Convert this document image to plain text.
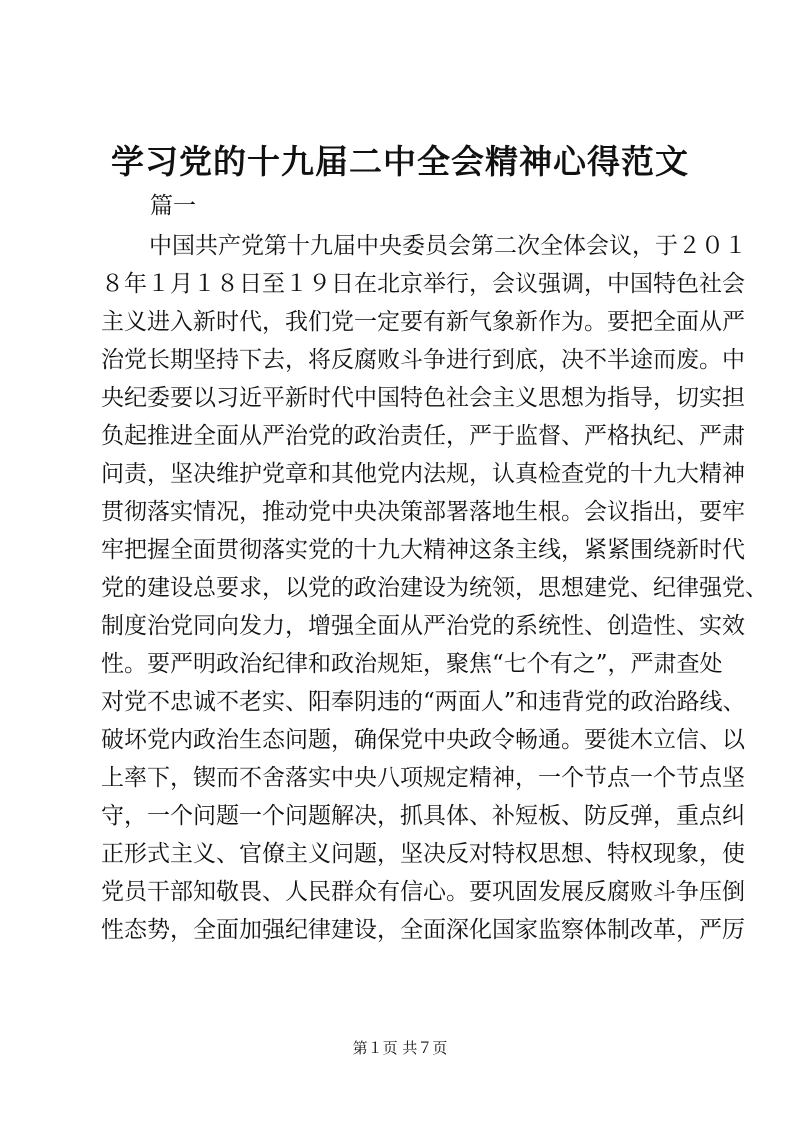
学习党的十九届二中全会精神心得范文

篇一

中国共产党第十九届中央委员会第二次全体会议，于２０１
８年１月１８日至１９日在北京举行，会议强调，中国特色社会
主义进入新时代，我们党一定要有新气象新作为。要把全面从严
治党长期坚持下去，将反腐败斗争进行到底，决不半途而废。中
央纪委要以习近平新时代中国特色社会主义思想为指导，切实担
负起推进全面从严治党的政治责任，严于监督、严格执纪、严肃
问责，坚决维护党章和其他党内法规，认真检查党的十九大精神
贯彻落实情况，推动党中央决策部署落地生根。会议指出，要牢
牢把握全面贯彻落实党的十九大精神这条主线，紧紧围绕新时代
党的建设总要求，以党的政治建设为统领，思想建党、纪律强党、
制度治党同向发力，增强全面从严治党的系统性、创造性、实效
性。要严明政治纪律和政治规矩，聚焦“七个有之”，严肃查处
对党不忠诚不老实、阳奉阴违的“两面人”和违背党的政治路线、
破坏党内政治生态问题，确保党中央政令畅通。要徙木立信、以
上率下，锲而不舍落实中央八项规定精神，一个节点一个节点坚
守，一个问题一个问题解决，抓具体、补短板、防反弹，重点纠
正形式主义、官僚主义问题，坚决反对特权思想、特权现象，使
党员干部知敬畏、人民群众有信心。要巩固发展反腐败斗争压倒
性态势，全面加强纪律建设，全面深化国家监察体制改革，严厉

第１页 共７页
